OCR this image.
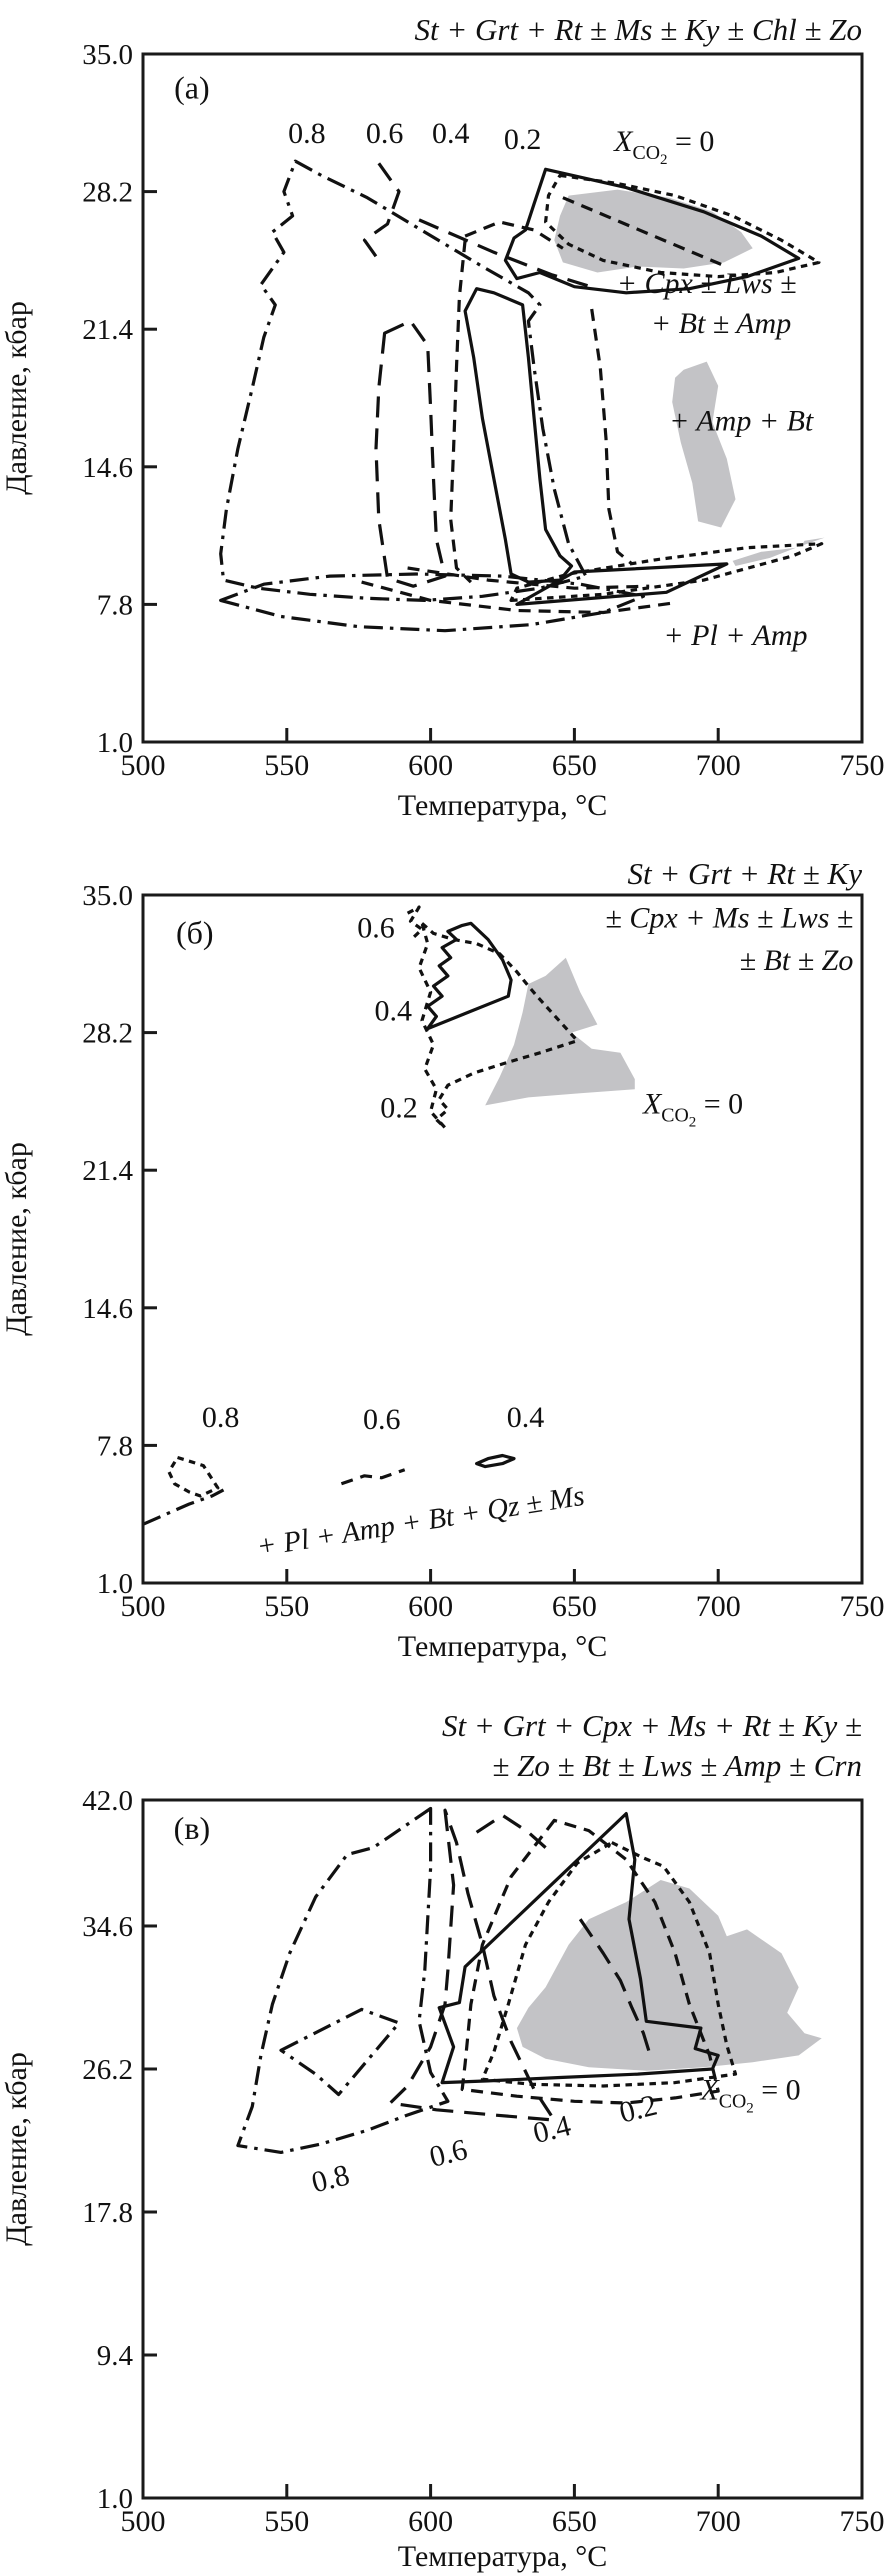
St + Grt + Rt ± Ms ± Ky ± Chl ± Zo
500	550	600	650	700	750
35.0
28.2
21.4
14.6
7.8
1.0
Температура, °C
Давление, кбар
(а)
0.8 0.6 0.4 0.2 $X_{CO}2 = 0$
+ Cpx ± Lws ±
+ Bt ± Amp
+ Amp + Bt
+ Pl + Amp
St + Grt + Rt ± Ky
500	550	600	650	700	750
35.0
28.2
21.4
14.6
7.8
1.0
Температура, °C
Давление, кбар
(б)	0.6
0.4
0.2	$X_{CO}2 = 0$
± Cpx + Ms ± Lws ±
± Bt ± Zo
0.8	0.6	0.4
+ Pl + Amp + Bt + Qz ± Ms
St + Grt + Cpx + Ms + Rt ± Ky ±
± Zo ± Bt ± Lws ± Amp ± Crn
500	550	600	650	700	750
42.0
34.6
26.2
17.8
9.4
1.0
Температура, °C
Давление, кбар
(в)
0.8
0.6
0.4 0.2 $X_{CO}2 = 0$
